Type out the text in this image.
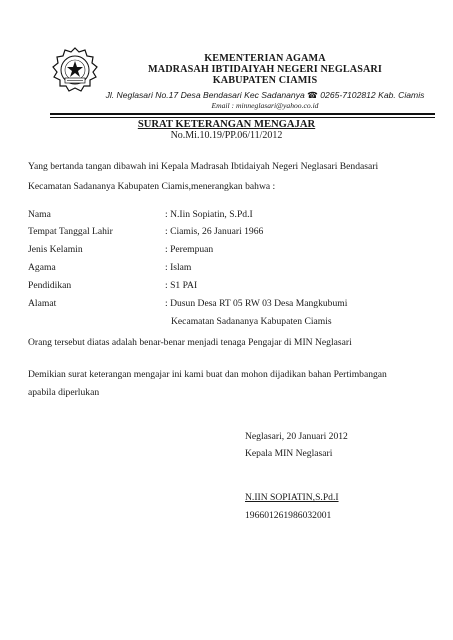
KEMENTERIAN AGAMA
MADRASAH IBTIDAIYAH NEGERI NEGLASARI
KABUPATEN CIAMIS
Jl. Neglasari No.17 Desa Bendasari Kec Sadananya ☎ 0265-7102812 Kab. Ciamis
Email : minneglasari@yahoo.co.id
SURAT KETERANGAN MENGAJAR
No.Mi.10.19/PP.06/11/2012
Yang bertanda tangan dibawah ini Kepala Madrasah Ibtidaiyah Negeri Neglasari Bendasari
Kecamatan Sadananya Kabupaten Ciamis,menerangkan bahwa :
Nama	: N.Iin Sopiatin, S.Pd.I
Tempat Tanggal Lahir	: Ciamis, 26 Januari 1966
Jenis Kelamin	: Perempuan
Agama	: Islam
Pendidikan	: S1 PAI
Alamat	: Dusun Desa RT 05 RW 03 Desa Mangkubumi
Kecamatan Sadananya Kabupaten Ciamis
Orang tersebut diatas adalah benar-benar menjadi tenaga Pengajar di MIN Neglasari
Demikian surat keterangan mengajar ini kami buat dan mohon dijadikan bahan Pertimbangan
apabila diperlukan
Neglasari, 20 Januari 2012
Kepala MIN Neglasari
N.IIN SOPIATIN,S.Pd.I
196601261986032001
